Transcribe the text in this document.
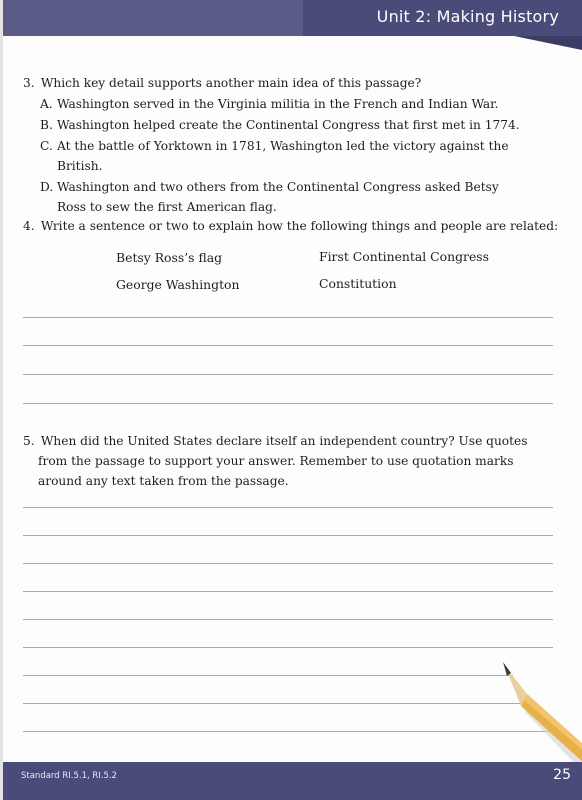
Unit 2: Making History
3. Which key detail supports another main idea of this passage?
A. Washington served in the Virginia militia in the French and Indian War.
B. Washington helped create the Continental Congress that first met in 1774.
C. At the battle of Yorktown in 1781, Washington led the victory against the British.
D. Washington and two others from the Continental Congress asked Betsy Ross to sew the first American flag.
4. Write a sentence or two to explain how the following things and people are related:
Betsy Ross’s flag	First Continental Congress
George Washington	Constitution
5. When did the United States declare itself an independent country? Use quotes from the passage to support your answer. Remember to use quotation marks around any text taken from the passage.
Standard RI.5.1, RI.5.2	25
